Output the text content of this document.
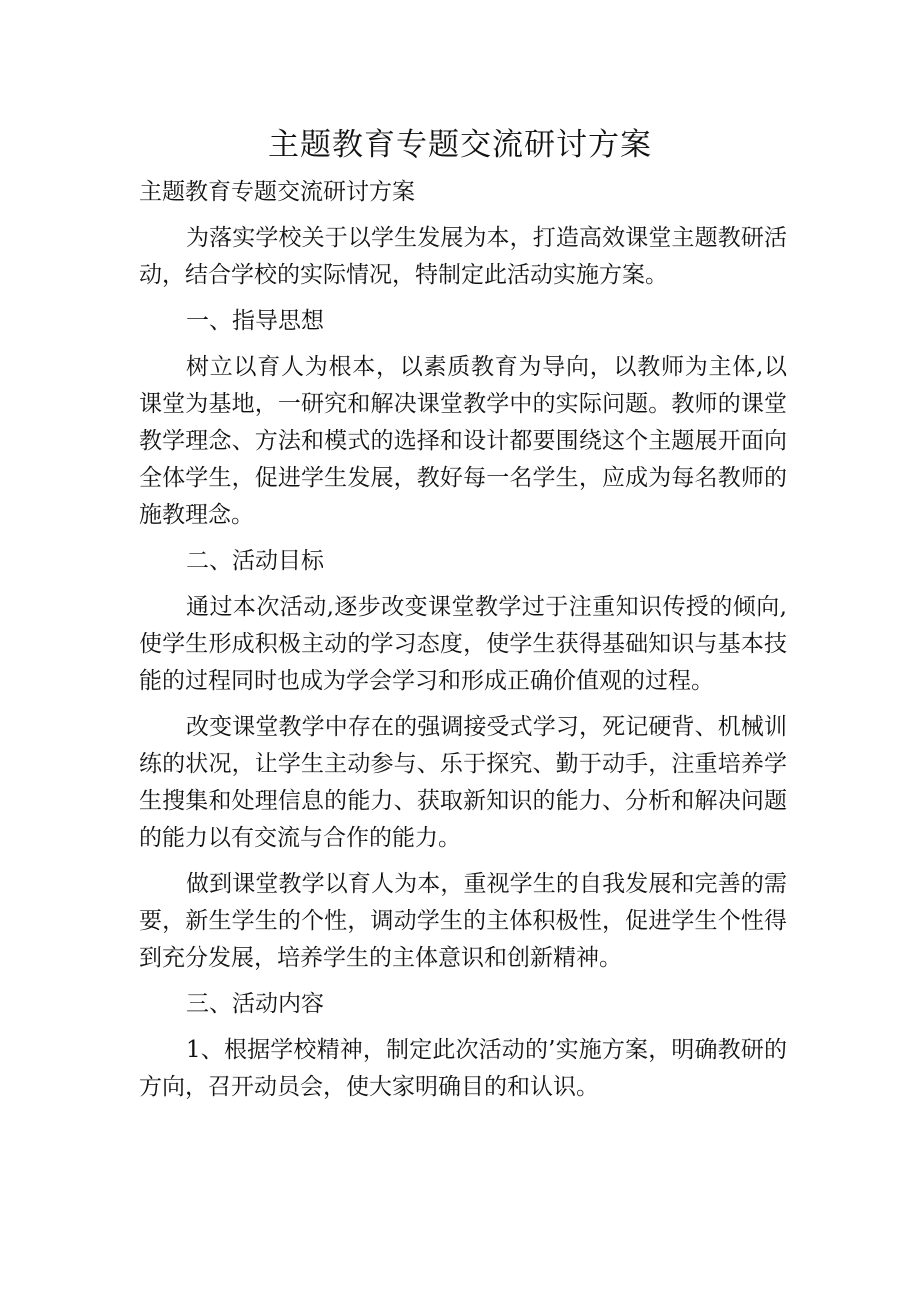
主题教育专题交流研讨方案

主题教育专题交流研讨方案

为落实学校关于以学生发展为本，打造高效课堂主题教研活动，结合学校的实际情况，特制定此活动实施方案。

一、指导思想

树立以育人为根本，以素质教育为导向，以教师为主体,以课堂为基地，一研究和解决课堂教学中的实际问题。教师的课堂教学理念、方法和模式的选择和设计都要围绕这个主题展开面向全体学生，促进学生发展，教好每一名学生，应成为每名教师的施教理念。

二、活动目标

通过本次活动,逐步改变课堂教学过于注重知识传授的倾向,使学生形成积极主动的学习态度，使学生获得基础知识与基本技能的过程同时也成为学会学习和形成正确价值观的过程。

改变课堂教学中存在的强调接受式学习，死记硬背、机械训练的状况，让学生主动参与、乐于探究、勤于动手，注重培养学生搜集和处理信息的能力、获取新知识的能力、分析和解决问题的能力以有交流与合作的能力。

做到课堂教学以育人为本，重视学生的自我发展和完善的需要，新生学生的个性，调动学生的主体积极性，促进学生个性得到充分发展，培养学生的主体意识和创新精神。

三、活动内容

1、根据学校精神，制定此次活动的’实施方案，明确教研的方向，召开动员会，使大家明确目的和认识。
